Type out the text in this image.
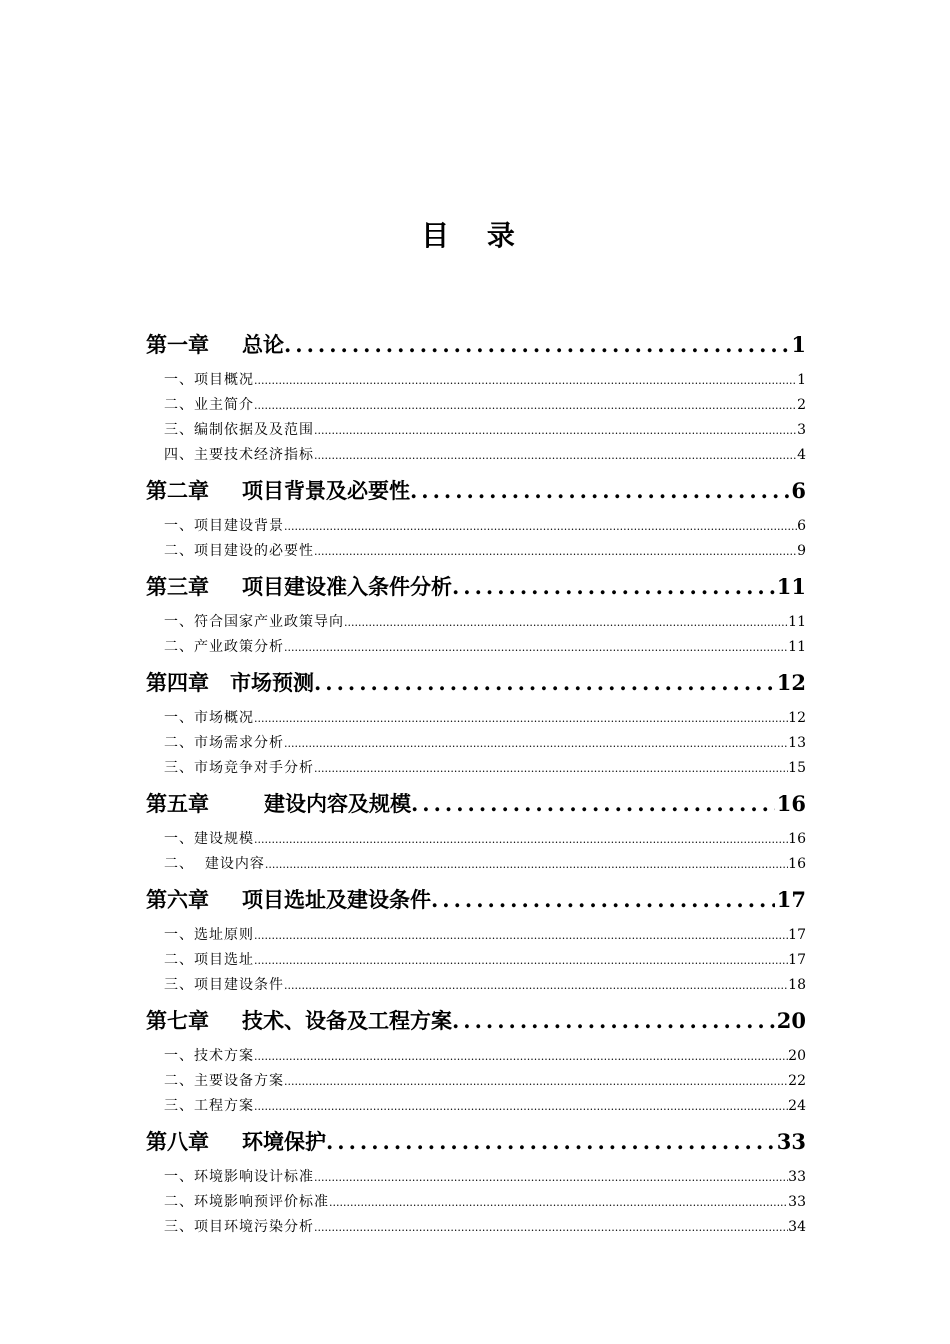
目 录
第一章 总论 .....	1
一、项目概况 .....	1
二、业主简介 .....	2
三、编制依据及及范围 .....	3
四、主要技术经济指标 .....	4
第二章 项目背景及必要性 .....	6
一、项目建设背景 .....	6
二、项目建设的必要性 .....	9
第三章 项目建设准入条件分析 .....	11
一、符合国家产业政策导向 .....	11
二、产业政策分析 .....	11
第四章 市场预测 .....	12
一、市场概况 .....	12
二、市场需求分析 .....	13
三、市场竞争对手分析 .....	15
第五章	建设内容及规模 .....	16
一、建设规模 .....	16
二、  建设内容 .....	16
第六章 项目选址及建设条件 .....	17
一、选址原则 .....	17
二、项目选址 .....	17
三、项目建设条件 .....	18
第七章 技术、设备及工程方案 .....	20
一、技术方案 .....	20
二、主要设备方案 .....	22
三、工程方案 .....	24
第八章 环境保护 .....	33
一、环境影响设计标准 .....	33
二、环境影响预评价标准 .....	33
三、项目环境污染分析 .....	34
